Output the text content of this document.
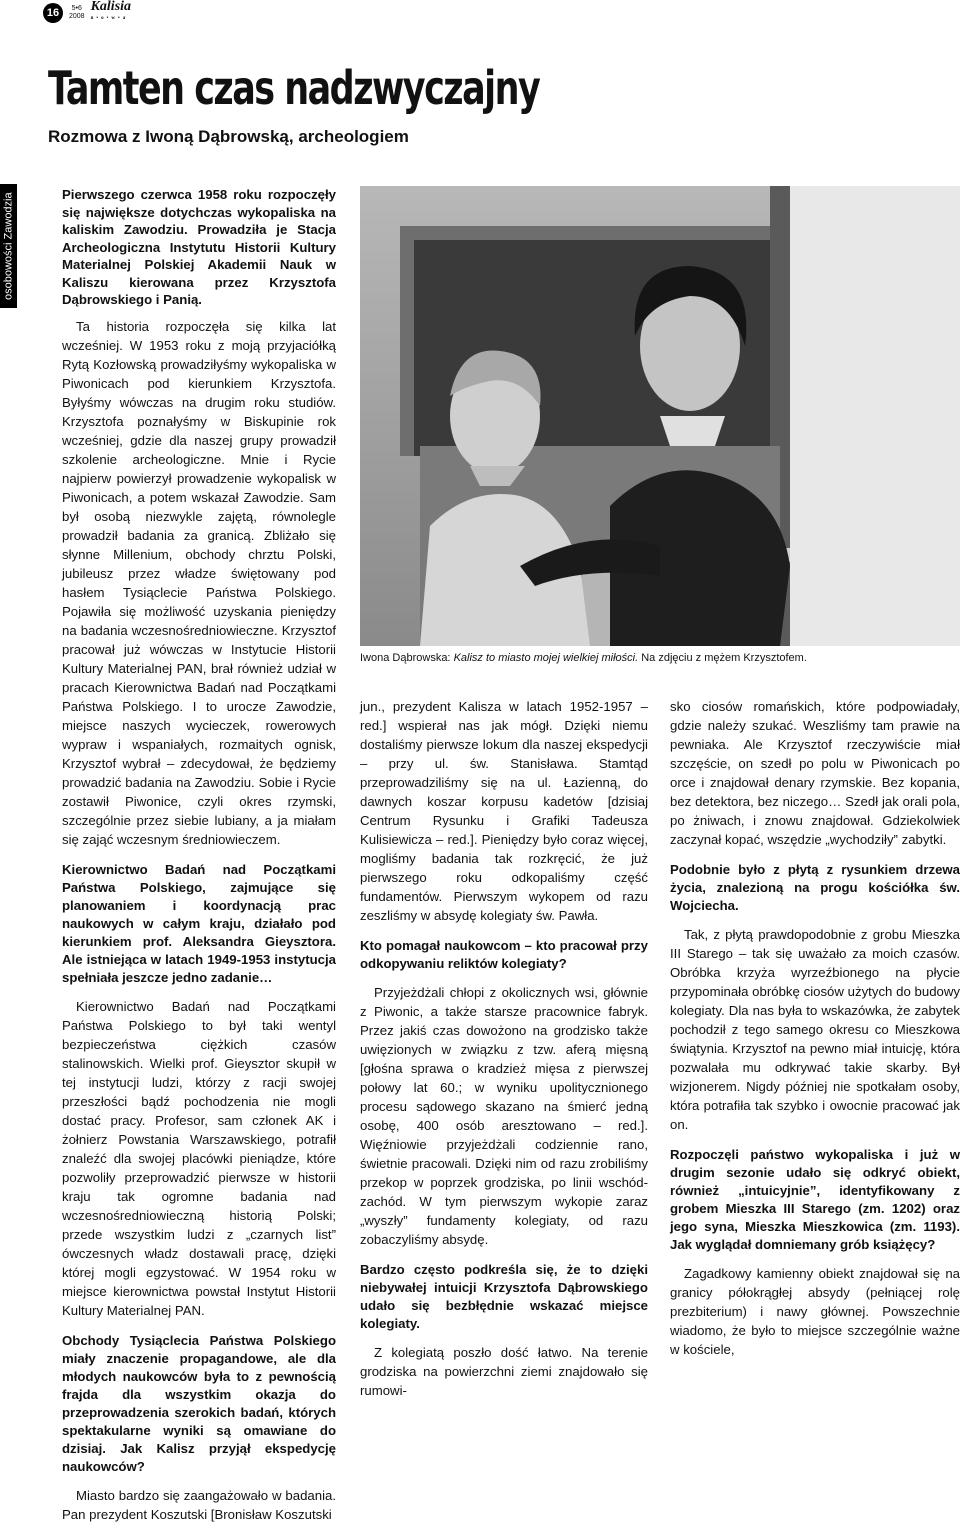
16	5•6
2008
Kalisia
n•o•w•a
Tamten czas nadzwyczajny
Rozmowa z Iwoną Dąbrowską, archeologiem
osobowości Zawodzia	Pierwszego czerwca 1958 roku rozpoczęły się największe dotychczas wykopaliska na kaliskim Zawodziu. Prowadziła je Stacja Archeologiczna Instytutu Historii Kultury Materialnej Polskiej Akademii Nauk w Kaliszu kierowana przez Krzysztofa Dąbrowskiego i Panią.

Ta historia rozpoczęła się kilka lat wcześniej. W 1953 roku z moją przyjaciółką Rytą Kozłowską prowadziłyśmy wykopaliska w Piwonicach pod kierunkiem Krzysztofa. Byłyśmy wówczas na drugim roku studiów. Krzysztofa poznałyśmy w Biskupinie rok wcześniej, gdzie dla naszej grupy prowadził szkolenie archeologiczne. Mnie i Rycie najpierw powierzył prowadzenie wykopalisk w Piwonicach, a potem wskazał Zawodzie. Sam był osobą niezwykle zajętą, równolegle prowadził badania za granicą. Zbliżało się słynne Millenium, obchody chrztu Polski, jubileusz przez władze świętowany pod hasłem Tysiąclecie Państwa Polskiego. Pojawiła się możliwość uzyskania pieniędzy na badania wczesnośredniowieczne. Krzysztof pracował już wówczas w Instytucie Historii Kultury Materialnej PAN, brał również udział w pracach Kierownictwa Badań nad Początkami Państwa Polskiego. I to urocze Zawodzie, miejsce naszych wycieczek, rowerowych wypraw i wspaniałych, rozmaitych ognisk, Krzysztof wybrał – zdecydował, że będziemy prowadzić badania na Zawodziu. Sobie i Rycie zostawił Piwonice, czyli okres rzymski, szczególnie przez siebie lubiany, a ja miałam się zająć wczesnym średniowieczem.

Kierownictwo Badań nad Początkami Państwa Polskiego, zajmujące się planowaniem i koordynacją prac naukowych w całym kraju, działało pod kierunkiem prof. Aleksandra Gieysztora. Ale istniejąca w latach 1949-1953 instytucja spełniała jeszcze jedno zadanie…

Kierownictwo Badań nad Początkami Państwa Polskiego to był taki wentyl bezpieczeństwa ciężkich czasów stalinowskich. Wielki prof. Gieysztor skupił w tej instytucji ludzi, którzy z racji swojej przeszłości bądź pochodzenia nie mogli dostać pracy. Profesor, sam członek AK i żołnierz Powstania Warszawskiego, potrafił znaleźć dla swojej placówki pieniądze, które pozwoliły przeprowadzić pierwsze w historii kraju tak ogromne badania nad wczesnośredniowieczną historią Polski; przede wszystkim ludzi z „czarnych list” ówczesnych władz dostawali pracę, dzięki której mogli egzystować. W 1954 roku w miejsce kierownictwa powstał Instytut Historii Kultury Materialnej PAN.

Obchody Tysiąclecia Państwa Polskiego miały znaczenie propagandowe, ale dla młodych naukowców była to z pewnością frajda dla wszystkim okazja do przeprowadzenia szerokich badań, których spektakularne wyniki są omawiane do dzisiaj. Jak Kalisz przyjął ekspedycję naukowców?

Miasto bardzo się zaangażowało w badania. Pan prezydent Koszutski [Bronisław Koszutski

Iwona Dąbrowska: Kalisz to miasto mojej wielkiej miłości. Na zdjęciu z mężem Krzysztofem.

jun., prezydent Kalisza w latach 1952-1957 – red.] wspierał nas jak mógł. Dzięki niemu dostaliśmy pierwsze lokum dla naszej ekspedycji – przy ul. św. Stanisława. Stamtąd przeprowadziliśmy się na ul. Łazienną, do dawnych koszar korpusu kadetów [dzisiaj Centrum Rysunku i Grafiki Tadeusza Kulisiewicza – red.]. Pieniędzy było coraz więcej, mogliśmy badania tak rozkręcić, że już pierwszego roku odkopaliśmy część fundamentów. Pierwszym wykopem od razu zeszliśmy w absydę kolegiaty św. Pawła.

Kto pomagał naukowcom – kto pracował przy odkopywaniu reliktów kolegiaty?

Przyjeżdżali chłopi z okolicznych wsi, głównie z Piwonic, a także starsze pracownice fabryk. Przez jakiś czas dowożono na grodzisko także uwięzionych w związku z tzw. aferą mięsną [głośna sprawa o kradzież mięsa z pierwszej połowy lat 60.; w wyniku upolitycznionego procesu sądowego skazano na śmierć jedną osobę, 400 osób aresztowano – red.]. Więźniowie przyjeżdżali codziennie rano, świetnie pracowali. Dzięki nim od razu zrobiliśmy przekop w poprzek grodziska, po linii wschód-zachód. W tym pierwszym wykopie zaraz „wyszły” fundamenty kolegiaty, od razu zobaczyliśmy absydę.

Bardzo często podkreśla się, że to dzięki niebywałej intuicji Krzysztofa Dąbrowskiego udało się bezbłędnie wskazać miejsce kolegiaty.

Z kolegiatą poszło dość łatwo. Na terenie grodziska na powierzchni ziemi znajdowało się rumowi-

sko ciosów romańskich, które podpowiadały, gdzie należy szukać. Weszliśmy tam prawie na pewniaka. Ale Krzysztof rzeczywiście miał szczęście, on szedł po polu w Piwonicach po orce i znajdował denary rzymskie. Bez kopania, bez detektora, bez niczego… Szedł jak orali pola, po żniwach, i znowu znajdował. Gdziekolwiek zaczynał kopać, wszędzie „wychodziły” zabytki.

Podobnie było z płytą z rysunkiem drzewa życia, znalezioną na progu kościółka św. Wojciecha.

Tak, z płytą prawdopodobnie z grobu Mieszka III Starego – tak się uważało za moich czasów. Obróbka krzyża wyrzeźbionego na płycie przypominała obróbkę ciosów użytych do budowy kolegiaty. Dla nas była to wskazówka, że zabytek pochodził z tego samego okresu co Mieszkowa świątynia. Krzysztof na pewno miał intuicję, która pozwalała mu odkrywać takie skarby. Był wizjonerem. Nigdy później nie spotkałam osoby, która potrafiła tak szybko i owocnie pracować jak on.

Rozpoczęli państwo wykopaliska i już w drugim sezonie udało się odkryć obiekt, również „intuicyjnie”, identyfikowany z grobem Mieszka III Starego (zm. 1202) oraz jego syna, Mieszka Mieszkowica (zm. 1193). Jak wyglądał domniemany grób książęcy?

Zagadkowy kamienny obiekt znajdował się na granicy półokrągłej absydy (pełniącej rolę prezbiterium) i nawy głównej. Powszechnie wiadomo, że było to miejsce szczególnie ważne w kościele,
